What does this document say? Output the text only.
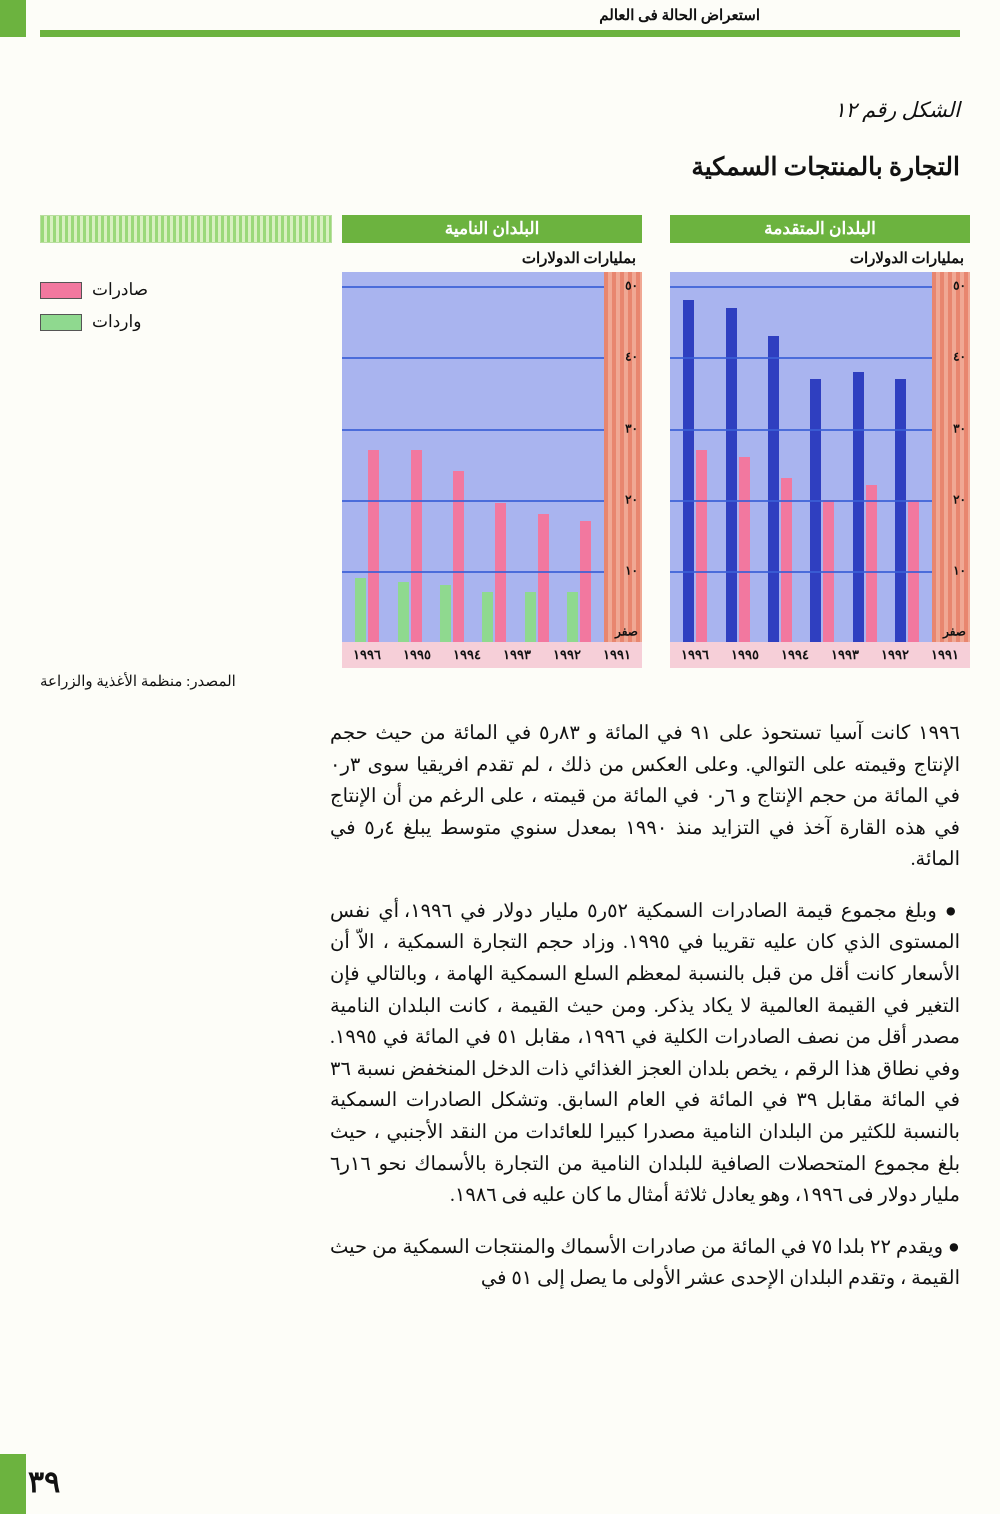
استعراض الحالة فى العالم
الشكل رقم ١٢
التجارة بالمنتجات السمكية
صادرات
واردات
المصدر: منظمة الأغذية والزراعة
البلدان النامية
بمليارات الدولارات
٥٠
٤٠
٣٠
٢٠
١٠
صفر
١٩٩١
١٩٩٢
١٩٩٣
١٩٩٤
١٩٩٥
١٩٩٦
البلدان المتقدمة
بمليارات الدولارات
٥٠
٤٠
٣٠
٢٠
١٠
صفر
١٩٩١
١٩٩٢
١٩٩٣
١٩٩٤
١٩٩٥
١٩٩٦

١٩٩٦ كانت آسيا تستحوذ على ٩١ في المائة و ٨٣ر٥ في المائة من حيث حجم الإنتاج وقيمته على التوالي. وعلى العكس من ذلك ، لم تقدم افريقيا سوى ٣ر٠ في المائة من حجم الإنتاج و ٦ر٠ في المائة من قيمته ، على الرغم من أن الإنتاج في هذه القارة آخذ في التزايد منذ ١٩٩٠ بمعدل سنوي متوسط يبلغ ٤ر٥ في المائة.

● وبلغ مجموع قيمة الصادرات السمكية ٥٢ر٥ مليار دولار في ١٩٩٦، أي نفس المستوى الذي كان عليه تقريبا في ١٩٩٥. وزاد حجم التجارة السمكية ، الاّ أن الأسعار كانت أقل من قبل بالنسبة لمعظم السلع السمكية الهامة ، وبالتالي فإن التغير في القيمة العالمية لا يكاد يذكر. ومن حيث القيمة ، كانت البلدان النامية مصدر أقل من نصف الصادرات الكلية في ١٩٩٦، مقابل ٥١ في المائة في ١٩٩٥. وفي نطاق هذا الرقم ، يخص بلدان العجز الغذائي ذات الدخل المنخفض نسبة ٣٦ في المائة مقابل ٣٩ في المائة في العام السابق. وتشكل الصادرات السمكية بالنسبة للكثير من البلدان النامية مصدرا كبيرا للعائدات من النقد الأجنبي ، حيث بلغ مجموع المتحصلات الصافية للبلدان النامية من التجارة بالأسماك نحو ١٦ر٦ مليار دولار فى ١٩٩٦، وهو يعادل ثلاثة أمثال ما كان عليه فى ١٩٨٦.

● ويقدم ٢٢ بلدا ٧٥ في المائة من صادرات الأسماك والمنتجات السمكية من حيث القيمة ، وتقدم البلدان الإحدى عشر الأولى ما يصل إلى ٥١ في

٣٩
